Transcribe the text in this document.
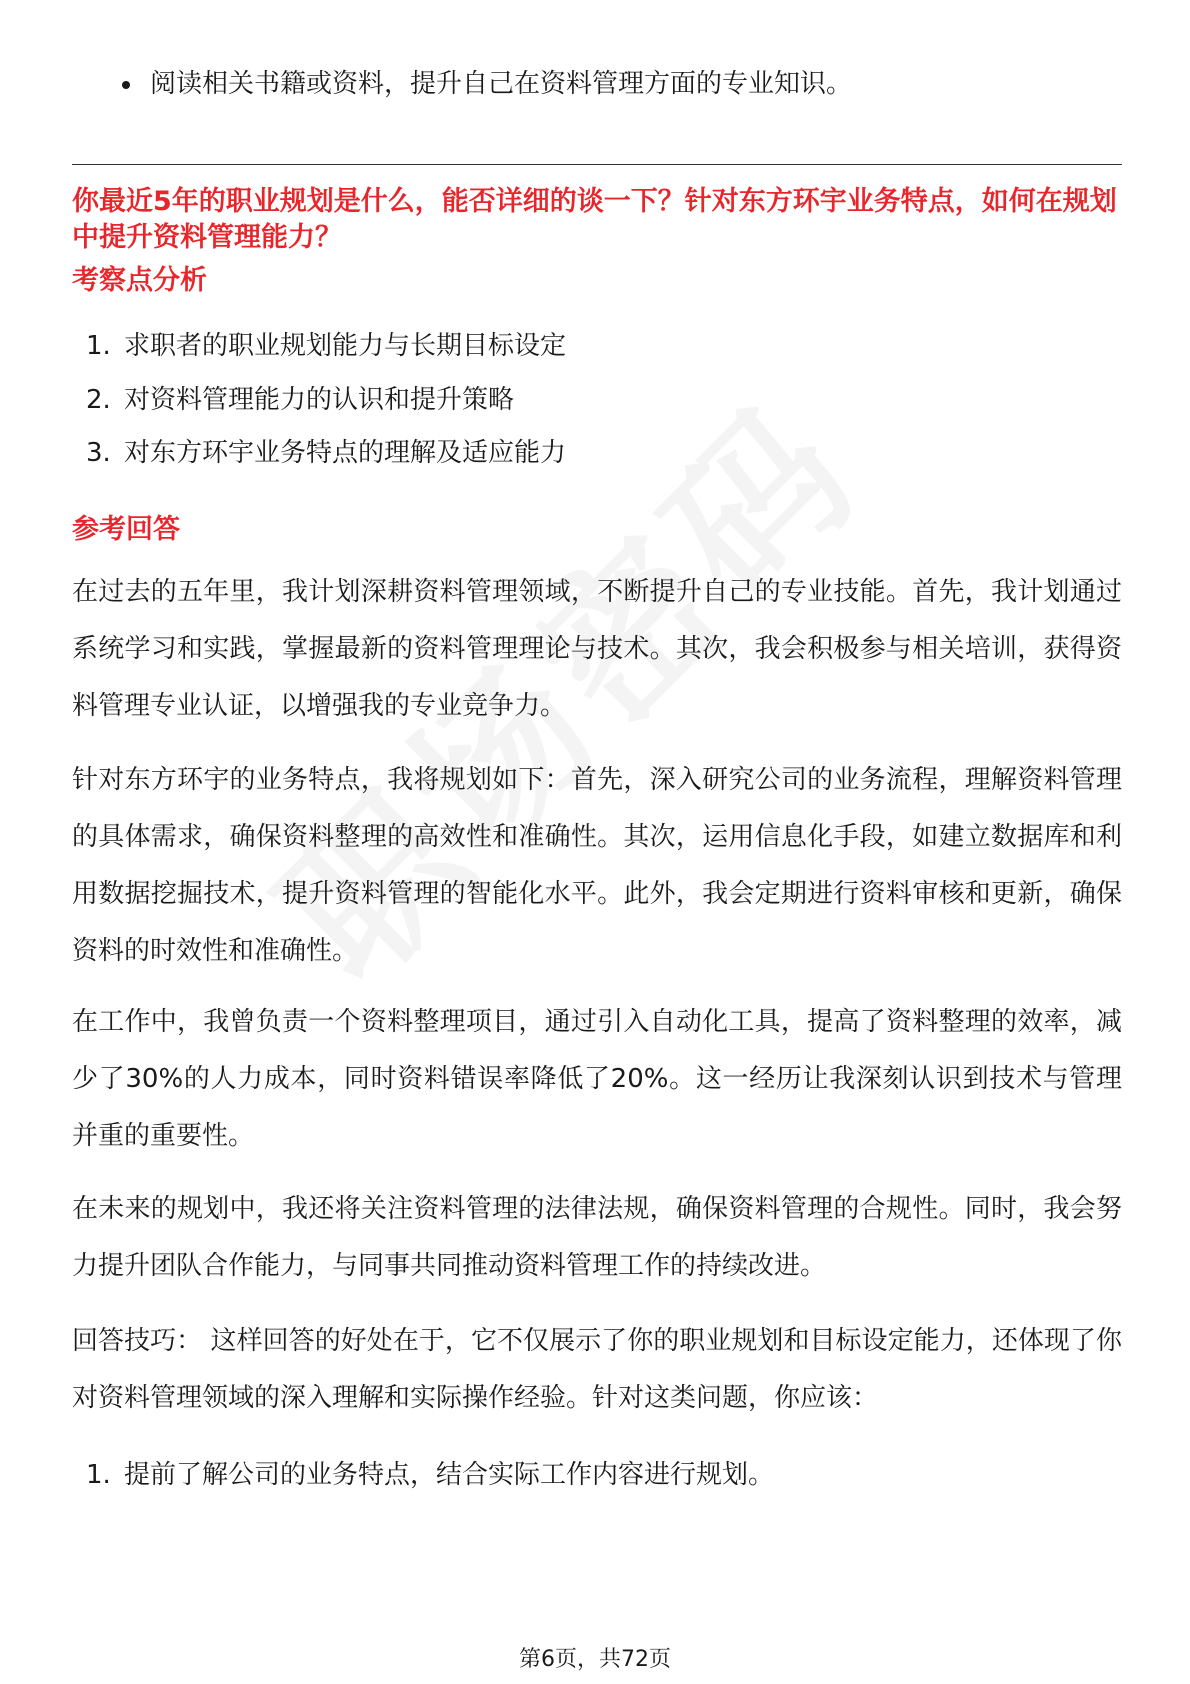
阅读相关书籍或资料，提升自己在资料管理方面的专业知识。
你最近5年的职业规划是什么，能否详细的谈一下？针对东方环宇业务特点，如何在规划中提升资料管理能力？
考察点分析
1. 求职者的职业规划能力与长期目标设定
2. 对资料管理能力的认识和提升策略
3. 对东方环宇业务特点的理解及适应能力
参考回答
在过去的五年里，我计划深耕资料管理领域，不断提升自己的专业技能。首先，我计划通过系统学习和实践，掌握最新的资料管理理论与技术。其次，我会积极参与相关培训，获得资料管理专业认证，以增强我的专业竞争力。
针对东方环宇的业务特点，我将规划如下：首先，深入研究公司的业务流程，理解资料管理的具体需求，确保资料整理的高效性和准确性。其次，运用信息化手段，如建立数据库和利用数据挖掘技术，提升资料管理的智能化水平。此外，我会定期进行资料审核和更新，确保资料的时效性和准确性。
在工作中，我曾负责一个资料整理项目，通过引入自动化工具，提高了资料整理的效率，减少了30%的人力成本，同时资料错误率降低了20%。这一经历让我深刻认识到技术与管理并重的重要性。
在未来的规划中，我还将关注资料管理的法律法规，确保资料管理的合规性。同时，我会努力提升团队合作能力，与同事共同推动资料管理工作的持续改进。
回答技巧： 这样回答的好处在于，它不仅展示了你的职业规划和目标设定能力，还体现了你对资料管理领域的深入理解和实际操作经验。针对这类问题，你应该：
1. 提前了解公司的业务特点，结合实际工作内容进行规划。
第6页，共72页
